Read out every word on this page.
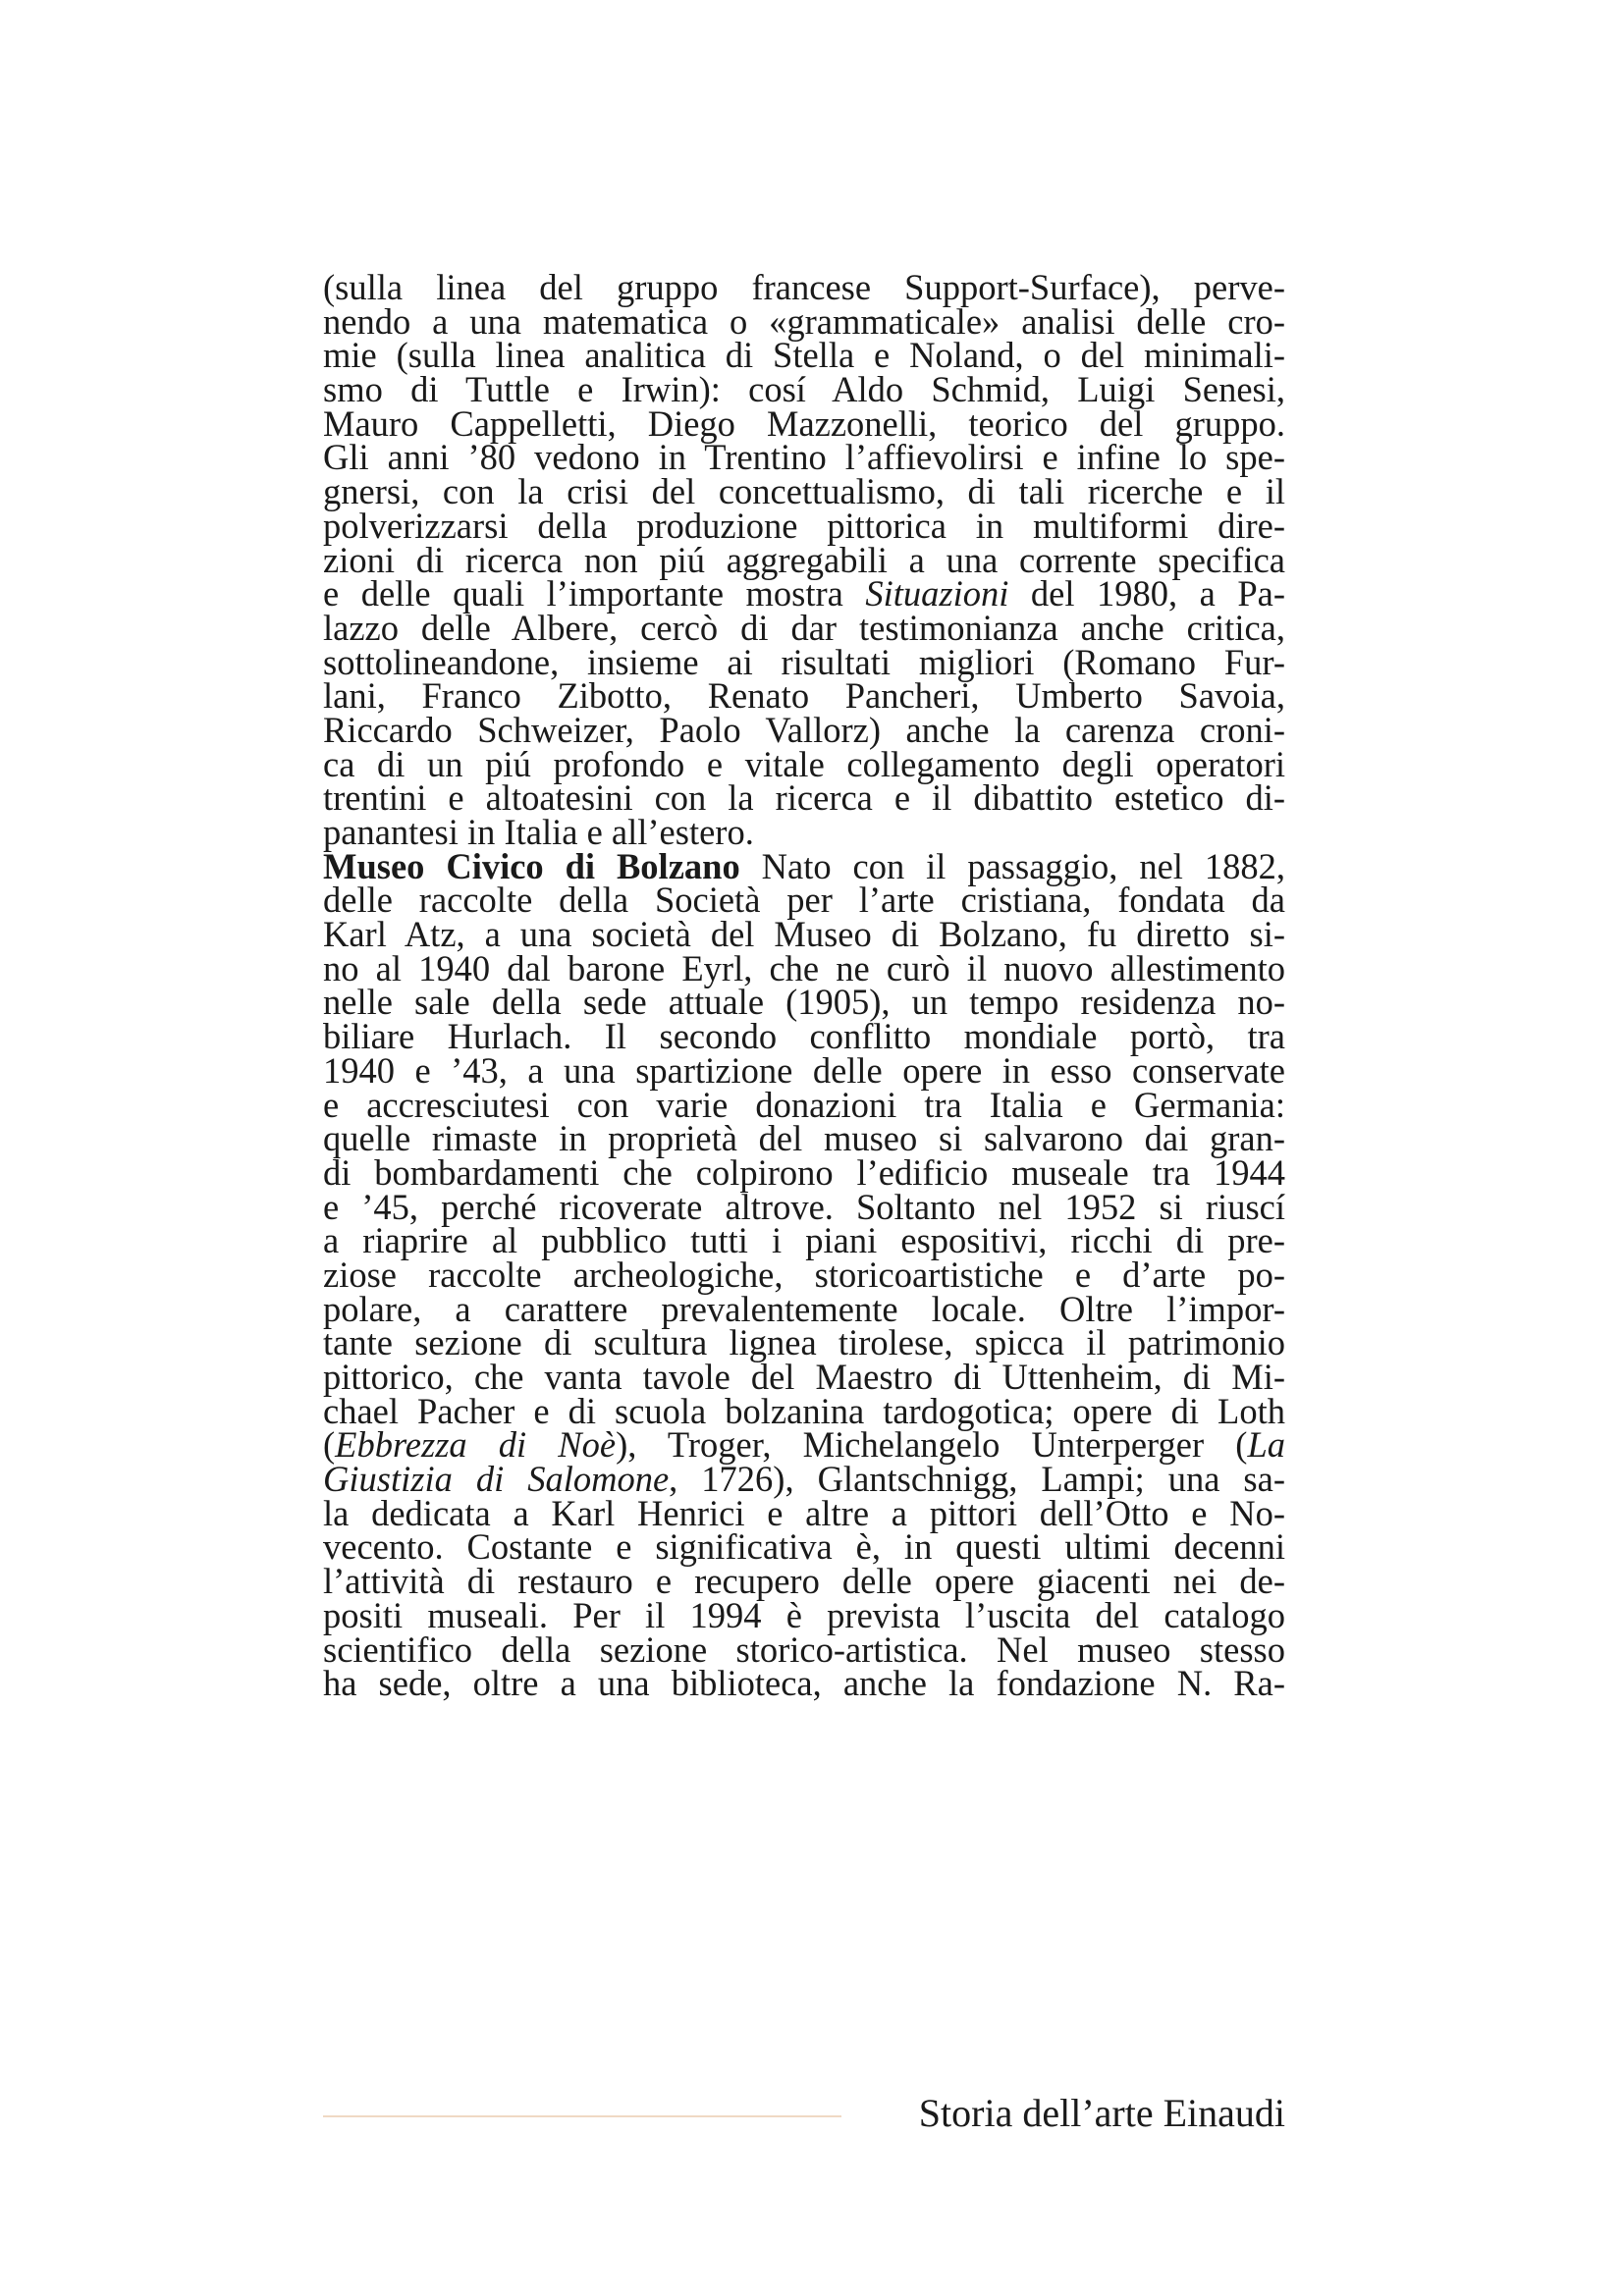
(sulla linea del gruppo francese Support-Surface), perve-
nendo a una matematica o «grammaticale» analisi delle cro-
mie (sulla linea analitica di Stella e Noland, o del minimali-
smo di Tuttle e Irwin): cosí Aldo Schmid, Luigi Senesi,
Mauro Cappelletti, Diego Mazzonelli, teorico del gruppo.
Gli anni ’80 vedono in Trentino l’affievolirsi e infine lo spe-
gnersi, con la crisi del concettualismo, di tali ricerche e il
polverizzarsi della produzione pittorica in multiformi dire-
zioni di ricerca non piú aggregabili a una corrente specifica
e delle quali l’importante mostra Situazioni del 1980, a Pa-
lazzo delle Albere, cercò di dar testimonianza anche critica,
sottolineandone, insieme ai risultati migliori (Romano Fur-
lani, Franco Zibotto, Renato Pancheri, Umberto Savoia,
Riccardo Schweizer, Paolo Vallorz) anche la carenza croni-
ca di un piú profondo e vitale collegamento degli operatori
trentini e altoatesini con la ricerca e il dibattito estetico di-
panantesi in Italia e all’estero.
Museo Civico di Bolzano Nato con il passaggio, nel 1882,
delle raccolte della Società per l’arte cristiana, fondata da
Karl Atz, a una società del Museo di Bolzano, fu diretto si-
no al 1940 dal barone Eyrl, che ne curò il nuovo allestimento
nelle sale della sede attuale (1905), un tempo residenza no-
biliare Hurlach. Il secondo conflitto mondiale portò, tra
1940 e ’43, a una spartizione delle opere in esso conservate
e accresciutesi con varie donazioni tra Italia e Germania:
quelle rimaste in proprietà del museo si salvarono dai gran-
di bombardamenti che colpirono l’edificio museale tra 1944
e ’45, perché ricoverate altrove. Soltanto nel 1952 si riuscí
a riaprire al pubblico tutti i piani espositivi, ricchi di pre-
ziose raccolte archeologiche, storicoartistiche e d’arte po-
polare, a carattere prevalentemente locale. Oltre l’impor-
tante sezione di scultura lignea tirolese, spicca il patrimonio
pittorico, che vanta tavole del Maestro di Uttenheim, di Mi-
chael Pacher e di scuola bolzanina tardogotica; opere di Loth
(Ebbrezza di Noè), Troger, Michelangelo Unterperger (La
Giustizia di Salomone, 1726), Glantschnigg, Lampi; una sa-
la dedicata a Karl Henrici e altre a pittori dell’Otto e No-
vecento. Costante e significativa è, in questi ultimi decenni
l’attività di restauro e recupero delle opere giacenti nei de-
positi museali. Per il 1994 è prevista l’uscita del catalogo
scientifico della sezione storico-artistica. Nel museo stesso
ha sede, oltre a una biblioteca, anche la fondazione N. Ra-
Storia dell’arte Einaudi
